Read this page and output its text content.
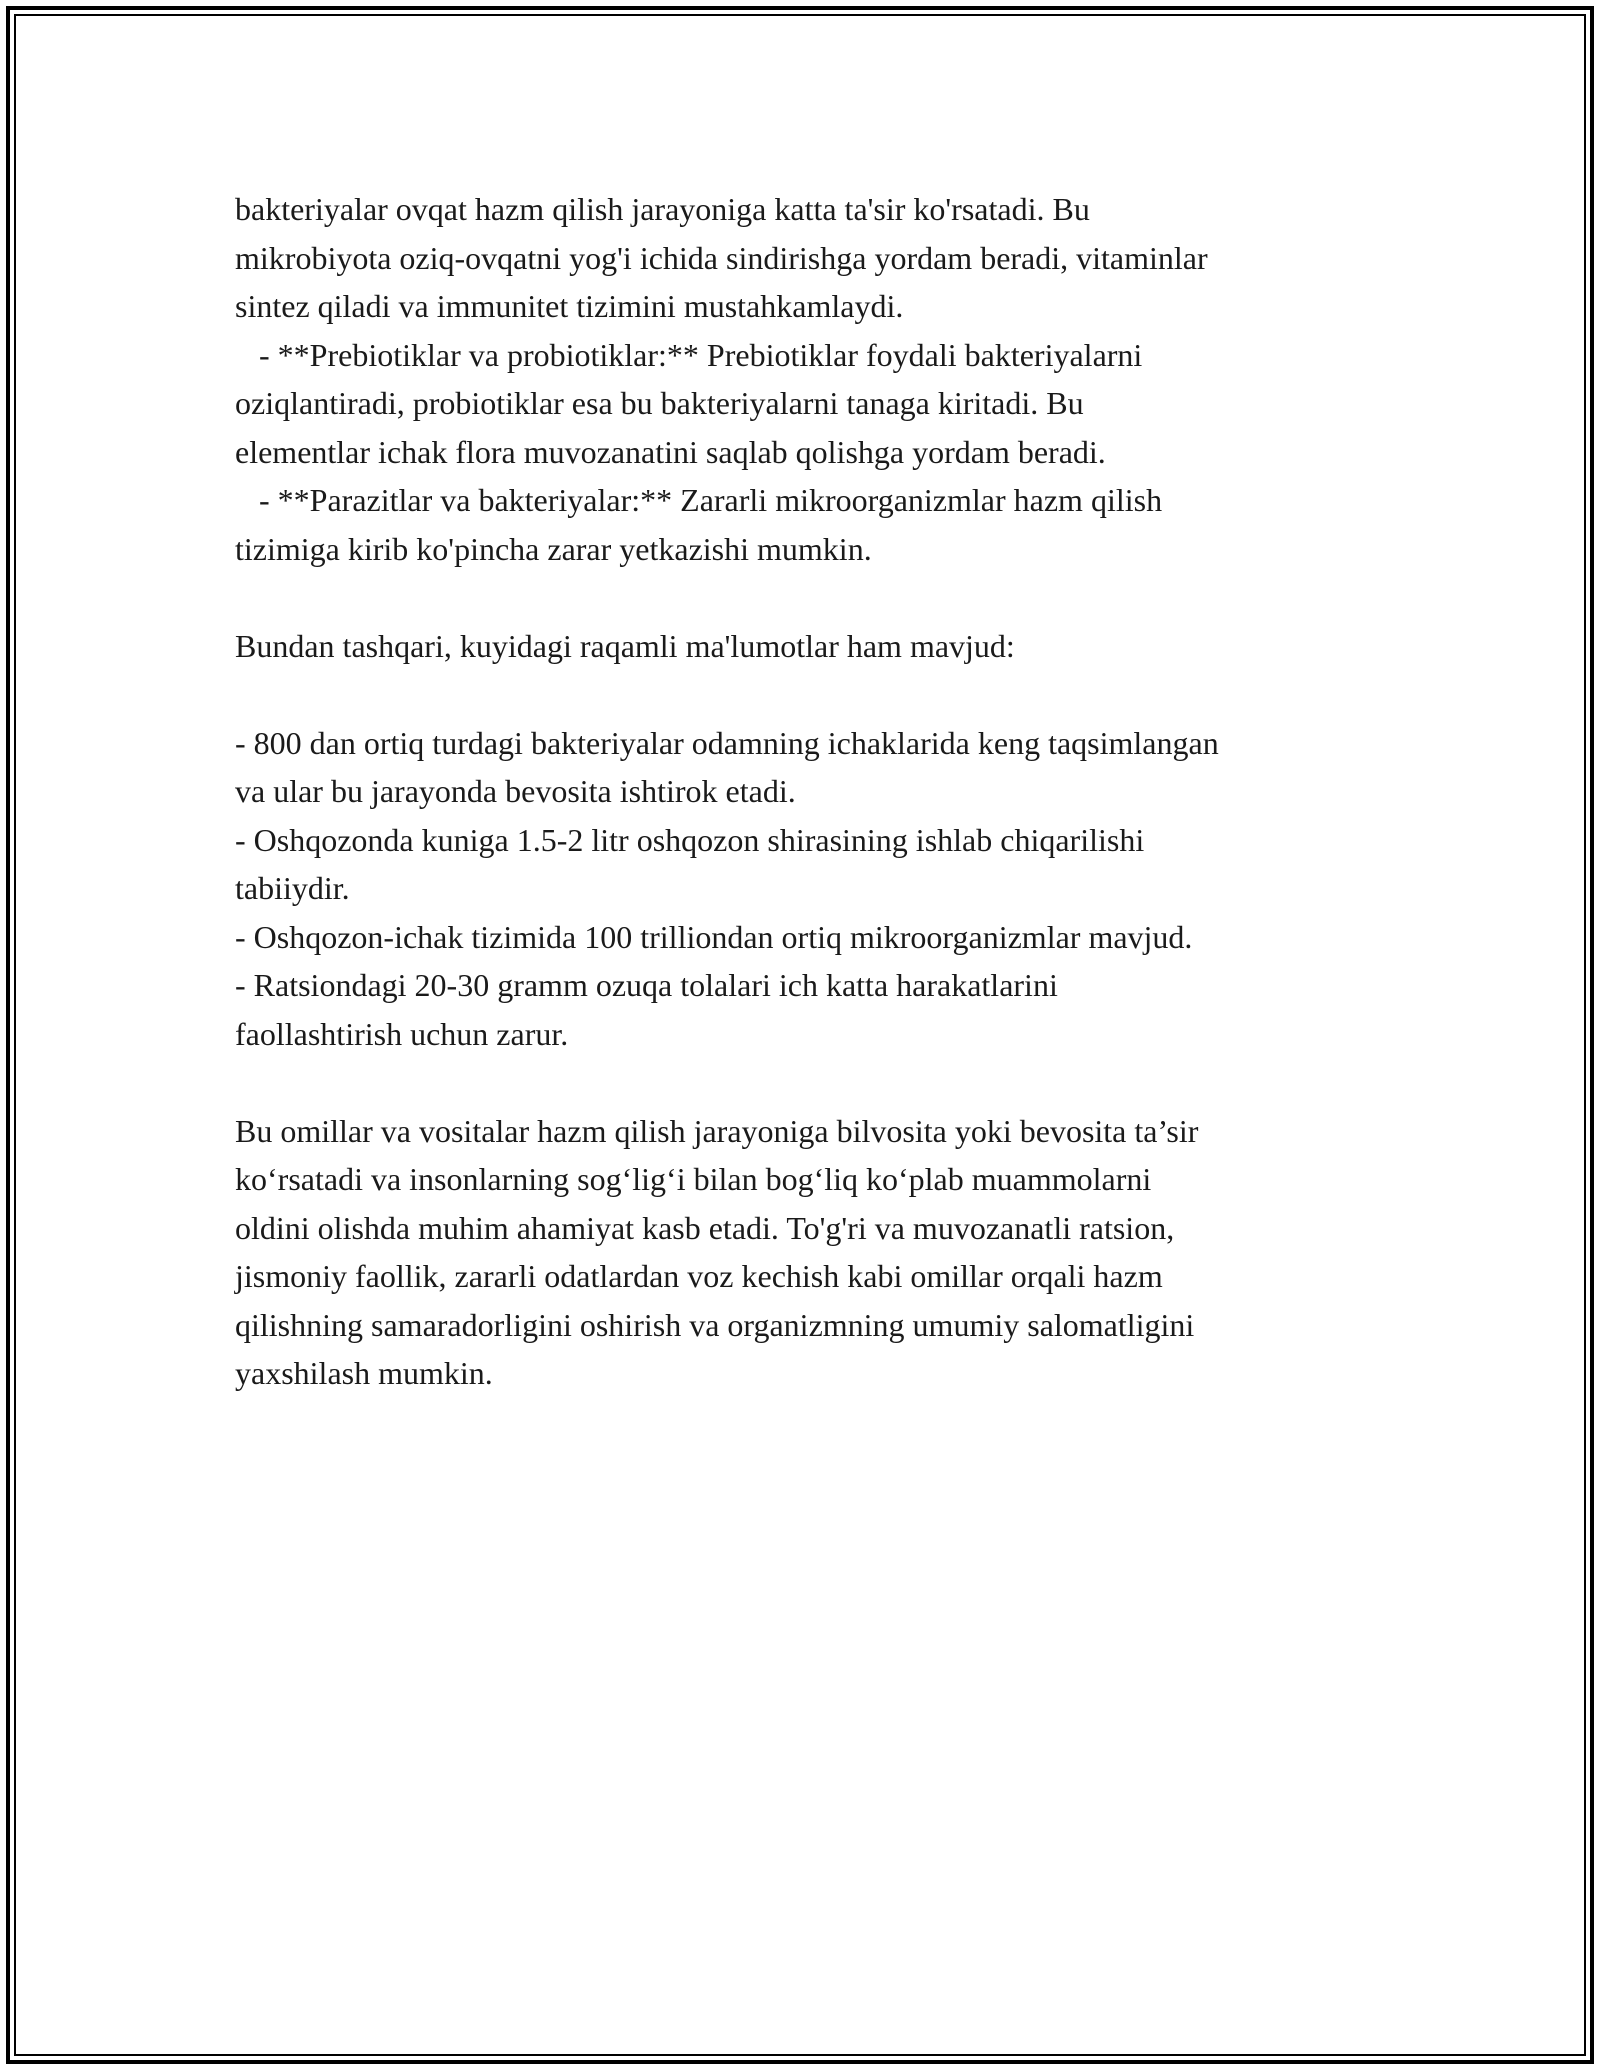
bakteriyalar ovqat hazm qilish jarayoniga katta ta'sir ko'rsatadi. Bu
mikrobiyota oziq-ovqatni yog'i ichida sindirishga yordam beradi, vitaminlar
sintez qiladi va immunitet tizimini mustahkamlaydi.
- **Prebiotiklar va probiotiklar:** Prebiotiklar foydali bakteriyalarni
oziqlantiradi, probiotiklar esa bu bakteriyalarni tanaga kiritadi. Bu
elementlar ichak flora muvozanatini saqlab qolishga yordam beradi.
- **Parazitlar va bakteriyalar:** Zararli mikroorganizmlar hazm qilish
tizimiga kirib ko'pincha zarar yetkazishi mumkin.

Bundan tashqari, kuyidagi raqamli ma'lumotlar ham mavjud:

- 800 dan ortiq turdagi bakteriyalar odamning ichaklarida keng taqsimlangan
va ular bu jarayonda bevosita ishtirok etadi.
- Oshqozonda kuniga 1.5-2 litr oshqozon shirasining ishlab chiqarilishi
tabiiydir.
- Oshqozon-ichak tizimida 100 trilliondan ortiq mikroorganizmlar mavjud.
- Ratsiondagi 20-30 gramm ozuqa tolalari ich katta harakatlarini
faollashtirish uchun zarur.

Bu omillar va vositalar hazm qilish jarayoniga bilvosita yoki bevosita ta’sir
ko‘rsatadi va insonlarning sog‘lig‘i bilan bog‘liq ko‘plab muammolarni
oldini olishda muhim ahamiyat kasb etadi. To'g'ri va muvozanatli ratsion,
jismoniy faollik, zararli odatlardan voz kechish kabi omillar orqali hazm
qilishning samaradorligini oshirish va organizmning umumiy salomatligini
yaxshilash mumkin.
